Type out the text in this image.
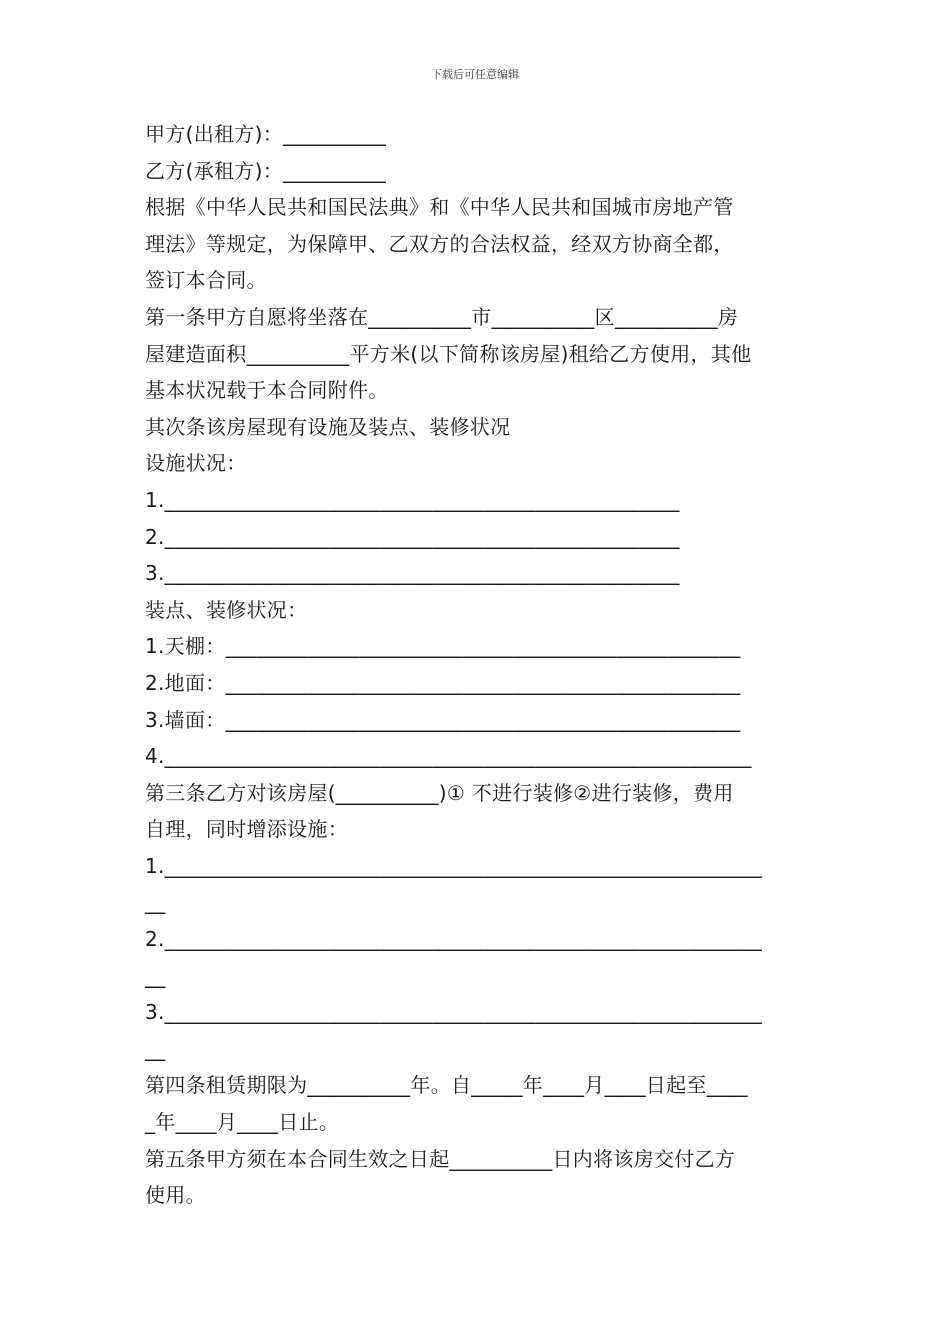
下载后可任意编辑
甲方(出租方)：__________
乙方(承租方)：__________
根据《中华人民共和国民法典》和《中华人民共和国城市房地产管
理法》等规定，为保障甲、乙双方的合法权益，经双方协商全都，
签订本合同。
第一条甲方自愿将坐落在__________市__________区__________房
屋建造面积__________平方米(以下简称该房屋)租给乙方使用，其他
基本状况载于本合同附件。
其次条该房屋现有设施及装点、装修状况
设施状况：
1.__________________________________________________
2.__________________________________________________
3.__________________________________________________
装点、装修状况：
1.天棚：__________________________________________________
2.地面：__________________________________________________
3.墙面：__________________________________________________
4._________________________________________________________
第三条乙方对该房屋(__________)① 不进行装修②进行装修，费用
自理，同时增添设施：
1.__________________________________________________________
__
2.__________________________________________________________
__
3.__________________________________________________________
__
第四条租赁期限为__________年。自_____年____月____日起至____
_年____月____日止。
第五条甲方须在本合同生效之日起__________日内将该房交付乙方
使用。
